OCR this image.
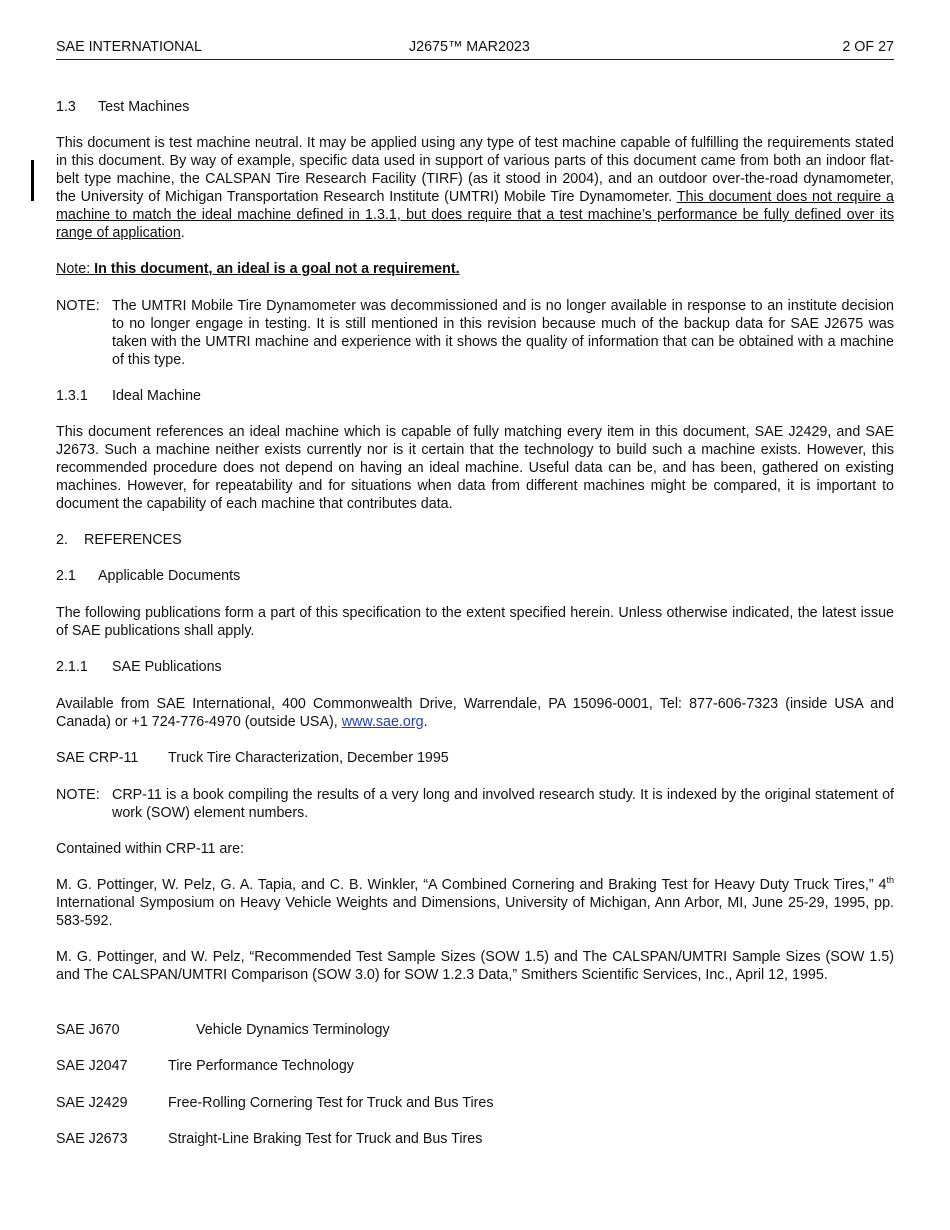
SAE INTERNATIONAL	J2675™ MAR2023	2 OF 27
1.3 Test Machines
This document is test machine neutral. It may be applied using any type of test machine capable of fulfilling the requirements stated in this document. By way of example, specific data used in support of various parts of this document came from both an indoor flat-belt type machine, the CALSPAN Tire Research Facility (TIRF) (as it stood in 2004), and an outdoor over-the-road dynamometer, the University of Michigan Transportation Research Institute (UMTRI) Mobile Tire Dynamometer. This document does not require a machine to match the ideal machine defined in 1.3.1, but does require that a test machine’s performance be fully defined over its range of application.
Note: In this document, an ideal is a goal not a requirement.
NOTE: The UMTRI Mobile Tire Dynamometer was decommissioned and is no longer available in response to an institute decision to no longer engage in testing. It is still mentioned in this revision because much of the backup data for SAE J2675 was taken with the UMTRI machine and experience with it shows the quality of information that can be obtained with a machine of this type.
1.3.1 Ideal Machine
This document references an ideal machine which is capable of fully matching every item in this document, SAE J2429, and SAE J2673. Such a machine neither exists currently nor is it certain that the technology to build such a machine exists. However, this recommended procedure does not depend on having an ideal machine. Useful data can be, and has been, gathered on existing machines. However, for repeatability and for situations when data from different machines might be compared, it is important to document the capability of each machine that contributes data.
2. REFERENCES
2.1 Applicable Documents
The following publications form a part of this specification to the extent specified herein. Unless otherwise indicated, the latest issue of SAE publications shall apply.
2.1.1 SAE Publications
Available from SAE International, 400 Commonwealth Drive, Warrendale, PA 15096-0001, Tel: 877-606-7323 (inside USA and Canada) or +1 724-776-4970 (outside USA), www.sae.org.
SAE CRP-11 Truck Tire Characterization, December 1995
NOTE: CRP-11 is a book compiling the results of a very long and involved research study. It is indexed by the original statement of work (SOW) element numbers.
Contained within CRP-11 are:
M. G. Pottinger, W. Pelz, G. A. Tapia, and C. B. Winkler, “A Combined Cornering and Braking Test for Heavy Duty Truck Tires,” 4th International Symposium on Heavy Vehicle Weights and Dimensions, University of Michigan, Ann Arbor, MI, June 25-29, 1995, pp. 583-592.
M. G. Pottinger, and W. Pelz, “Recommended Test Sample Sizes (SOW 1.5) and The CALSPAN/UMTRI Sample Sizes (SOW 1.5) and The CALSPAN/UMTRI Comparison (SOW 3.0) for SOW 1.2.3 Data,” Smithers Scientific Services, Inc., April 12, 1995.
SAE J670	Vehicle Dynamics Terminology
SAE J2047	Tire Performance Technology
SAE J2429	Free-Rolling Cornering Test for Truck and Bus Tires
SAE J2673	Straight-Line Braking Test for Truck and Bus Tires
